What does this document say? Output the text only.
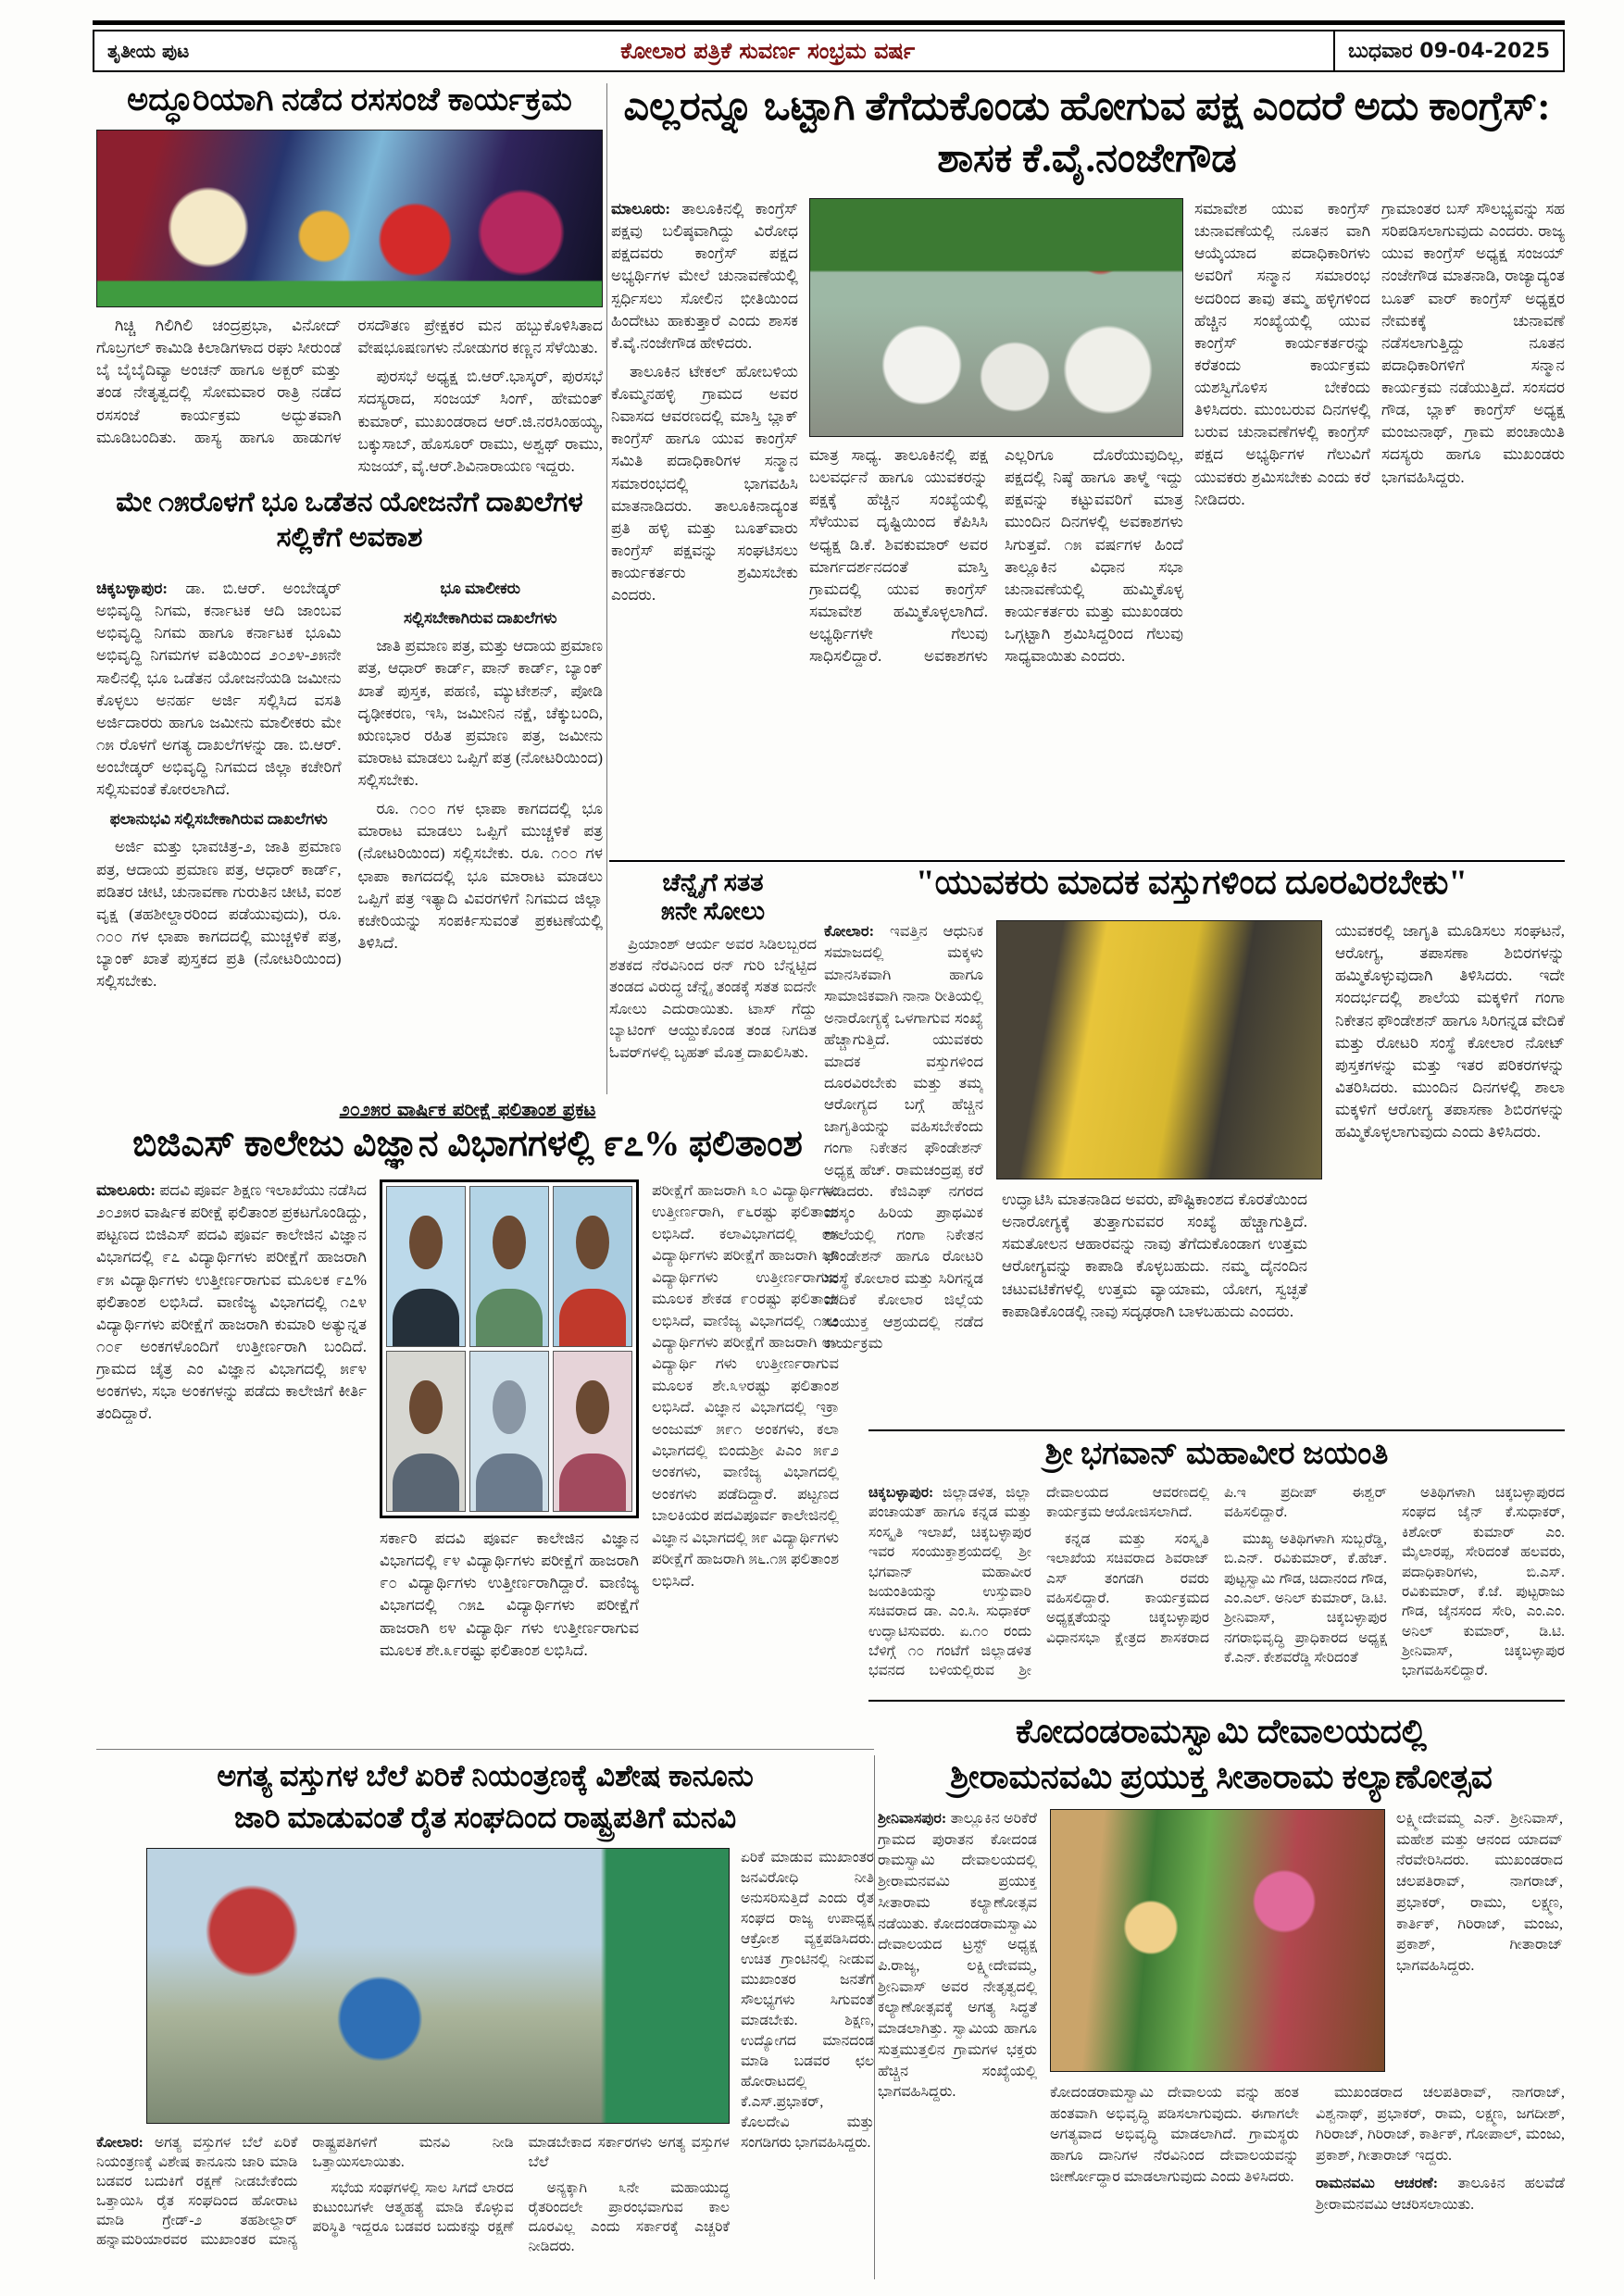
ತೃತೀಯ ಪುಟ	ಕೋಲಾರ ಪತ್ರಿಕೆ ಸುವರ್ಣ ಸಂಭ್ರಮ ವರ್ಷ	ಬುಧವಾರ 09-04-2025
ಅದ್ಧೂರಿಯಾಗಿ ನಡೆದ ರಸಸಂಜೆ ಕಾರ್ಯಕ್ರಮ

ಗಿಚ್ಚಿ ಗಿಲಿಗಿಲಿ ಚಂದ್ರಪ್ರಭಾ, ವಿನೋದ್ ಗೊಬ್ರಗಲ್ ಕಾಮಿಡಿ ಕಿಲಾಡಿಗಳಾದ ರಘು ಸೀರುಂಡೆ ಬೈ ಬೈಬೈದಿವ್ಯಾ ಅಂಚನ್ ಹಾಗೂ ಅಕ್ಬರ್ ಮತ್ತು ತಂಡ ನೇತೃತ್ವದಲ್ಲಿ ಸೋಮವಾರ ರಾತ್ರಿ ನಡೆದ ರಸಸಂಜೆ ಕಾರ್ಯಕ್ರಮ ಅದ್ಭುತವಾಗಿ ಮೂಡಿಬಂದಿತು. ಹಾಸ್ಯ ಹಾಗೂ ಹಾಡುಗಳ ರಸದೌತಣ ಪ್ರೇಕ್ಷಕರ ಮನ ಹಬ್ಬುಕೊಳಿಸಿತಾದ ವೇಷಭೂಷಣಗಳು ನೋಡುಗರ ಕಣ್ಣನ ಸೆಳೆಯಿತು.

ಪುರಸಭೆ ಅಧ್ಯಕ್ಷ ಬಿ.ಆರ್.ಭಾಸ್ಕರ್, ಪುರಸಭೆ ಸದಸ್ಯರಾದ, ಸಂಜಯ್ ಸಿಂಗ್, ಹೇಮಂತ್ ಕುಮಾರ್, ಮುಖಂಡರಾದ ಆರ್.ಜಿ.ನರಸಿಂಹಯ್ಯ, ಬಕ್ಕುಸಾಬ್, ಹೊಸೂರ್ ರಾಮು, ಅಶ್ವಥ್ ರಾಮು, ಸುಜಯ್, ವೈ.ಆರ್.ಶಿವಿನಾರಾಯಣ ಇದ್ದರು.

ಮೇ ೧೫ರೊಳಗೆ ಭೂ ಒಡೆತನ ಯೋಜನೆಗೆ ದಾಖಲೆಗಳ ಸಲ್ಲಿಕೆಗೆ ಅವಕಾಶ

ಚಿಕ್ಕಬಳ್ಳಾಪುರ: ಡಾ. ಬಿ.ಆರ್. ಅಂಬೇಡ್ಕರ್ ಅಭಿವೃದ್ಧಿ ನಿಗಮ, ಕರ್ನಾಟಕ ಆದಿ ಜಾಂಬವ ಅಭಿವೃದ್ಧಿ ನಿಗಮ ಹಾಗೂ ಕರ್ನಾಟಕ ಭೂಮಿ ಅಭಿವೃದ್ಧಿ ನಿಗಮಗಳ ವತಿಯಿಂದ ೨೦೨೪-೨೫ನೇ ಸಾಲಿನಲ್ಲಿ ಭೂ ಒಡೆತನ ಯೋಜನೆಯಡಿ ಜಮೀನು ಕೊಳ್ಳಲು ಅನರ್ಹ ಅರ್ಜಿ ಸಲ್ಲಿಸಿದ ವಸತಿ ಅರ್ಜಿದಾರರು ಹಾಗೂ ಜಮೀನು ಮಾಲೀಕರು ಮೇ ೧೫ ರೊಳಗೆ ಅಗತ್ಯ ದಾಖಲೆಗಳನ್ನು ಡಾ. ಬಿ.ಆರ್. ಅಂಬೇಡ್ಕರ್ ಅಭಿವೃದ್ಧಿ ನಿಗಮದ ಜಿಲ್ಲಾ ಕಚೇರಿಗೆ ಸಲ್ಲಿಸುವಂತೆ ಕೋರಲಾಗಿದೆ.

ಫಲಾನುಭವಿ ಸಲ್ಲಿಸಬೇಕಾಗಿರುವ ದಾಖಲೆಗಳು

ಅರ್ಜಿ ಮತ್ತು ಭಾವಚಿತ್ರ-೨, ಜಾತಿ ಪ್ರಮಾಣ ಪತ್ರ, ಆದಾಯ ಪ್ರಮಾಣ ಪತ್ರ, ಆಧಾರ್ ಕಾರ್ಡ್, ಪಡಿತರ ಚೀಟಿ, ಚುನಾವಣಾ ಗುರುತಿನ ಚೀಟಿ, ವಂಶ ವೃಕ್ಷ (ತಹಶೀಲ್ದಾರರಿಂದ ಪಡೆಯುವುದು), ರೂ. ೧೦೦ ಗಳ ಛಾಪಾ ಕಾಗದದಲ್ಲಿ ಮುಚ್ಚಳಿಕೆ ಪತ್ರ, ಬ್ಯಾಂಕ್ ಖಾತೆ ಪುಸ್ತಕದ ಪ್ರತಿ (ನೋಟರಿಯಿಂದ) ಸಲ್ಲಿಸಬೇಕು.

ಭೂ ಮಾಲೀಕರು

ಸಲ್ಲಿಸಬೇಕಾಗಿರುವ ದಾಖಲೆಗಳು

ಜಾತಿ ಪ್ರಮಾಣ ಪತ್ರ, ಮತ್ತು ಆದಾಯ ಪ್ರಮಾಣ ಪತ್ರ, ಆಧಾರ್ ಕಾರ್ಡ್, ಪಾನ್ ಕಾರ್ಡ್, ಬ್ಯಾಂಕ್ ಖಾತೆ ಪುಸ್ತಕ, ಪಹಣಿ, ಮ್ಯುಟೇಶನ್, ಪೋಡಿ ದೃಢೀಕರಣ, ಇಸಿ, ಜಮೀನಿನ ನಕ್ಷೆ, ಚೆಕ್ಕುಬಂದಿ, ಋಣಭಾರ ರಹಿತ ಪ್ರಮಾಣ ಪತ್ರ, ಜಮೀನು ಮಾರಾಟ ಮಾಡಲು ಒಪ್ಪಿಗೆ ಪತ್ರ (ನೋಟರಿಯಿಂದ) ಸಲ್ಲಿಸಬೇಕು.

ರೂ. ೧೦೦ ಗಳ ಛಾಪಾ ಕಾಗದದಲ್ಲಿ ಭೂ ಮಾರಾಟ ಮಾಡಲು ಒಪ್ಪಿಗೆ ಮುಚ್ಚಳಿಕೆ ಪತ್ರ (ನೋಟರಿಯಿಂದ) ಸಲ್ಲಿಸಬೇಕು. ರೂ. ೧೦೦ ಗಳ ಛಾಪಾ ಕಾಗದದಲ್ಲಿ ಭೂ ಮಾರಾಟ ಮಾಡಲು ಒಪ್ಪಿಗೆ ಪತ್ರ ಇತ್ಯಾದಿ ವಿವರಗಳಿಗೆ ನಿಗಮದ ಜಿಲ್ಲಾ ಕಚೇರಿಯನ್ನು ಸಂಪರ್ಕಿಸುವಂತೆ ಪ್ರಕಟಣೆಯಲ್ಲಿ ತಿಳಿಸಿದೆ.

ಎಲ್ಲರನ್ನೂ ಒಟ್ಟಾಗಿ ತೆಗೆದುಕೊಂಡು ಹೋಗುವ ಪಕ್ಷ ಎಂದರೆ ಅದು ಕಾಂಗ್ರೆಸ್: ಶಾಸಕ ಕೆ.ವೈ.ನಂಜೇಗೌಡ

ಮಾಲೂರು: ತಾಲೂಕಿನಲ್ಲಿ ಕಾಂಗ್ರೆಸ್ ಪಕ್ಷವು ಬಲಿಷ್ಠವಾಗಿದ್ದು ವಿರೋಧ ಪಕ್ಷದವರು ಕಾಂಗ್ರೆಸ್ ಪಕ್ಷದ ಅಭ್ಯರ್ಥಿಗಳ ಮೇಲೆ ಚುನಾವಣೆಯಲ್ಲಿ ಸ್ಪರ್ಧಿಸಲು ಸೋಲಿನ ಭೀತಿಯಿಂದ ಹಿಂದೇಟು ಹಾಕುತ್ತಾರೆ ಎಂದು ಶಾಸಕ ಕೆ.ವೈ.ನಂಜೇಗೌಡ ಹೇಳಿದರು.

ತಾಲೂಕಿನ ಟೇಕಲ್ ಹೋಬಳಿಯ ಕೊಮ್ಮನಹಳ್ಳಿ ಗ್ರಾಮದ ಅವರ ನಿವಾಸದ ಆವರಣದಲ್ಲಿ ಮಾಸ್ತಿ ಬ್ಲಾಕ್ ಕಾಂಗ್ರೆಸ್ ಹಾಗೂ ಯುವ ಕಾಂಗ್ರೆಸ್ ಸಮಿತಿ ಪದಾಧಿಕಾರಿಗಳ ಸನ್ಮಾನ ಸಮಾರಂಭದಲ್ಲಿ ಭಾಗವಹಿಸಿ ಮಾತನಾಡಿದರು. ತಾಲೂಕಿನಾದ್ಯಂತ ಪ್ರತಿ ಹಳ್ಳಿ ಮತ್ತು ಬೂತ್‌ವಾರು ಕಾಂಗ್ರೆಸ್ ಪಕ್ಷವನ್ನು ಸಂಘಟಿಸಲು ಕಾರ್ಯಕರ್ತರು ಶ್ರಮಿಸಬೇಕು ಎಂದರು.

ಮಾತ್ರ ಸಾಧ್ಯ. ತಾಲೂಕಿನಲ್ಲಿ ಪಕ್ಷ ಬಲವರ್ಧನೆ ಹಾಗೂ ಯುವಕರನ್ನು ಪಕ್ಷಕ್ಕೆ ಹೆಚ್ಚಿನ ಸಂಖ್ಯೆಯಲ್ಲಿ ಸೆಳೆಯುವ ದೃಷ್ಟಿಯಿಂದ ಕೆಪಿಸಿಸಿ ಅಧ್ಯಕ್ಷ ಡಿ.ಕೆ. ಶಿವಕುಮಾರ್ ಅವರ ಮಾರ್ಗದರ್ಶನದಂತೆ ಮಾಸ್ತಿ ಗ್ರಾಮದಲ್ಲಿ ಯುವ ಕಾಂಗ್ರೆಸ್ ಸಮಾವೇಶ ಹಮ್ಮಿಕೊಳ್ಳಲಾಗಿದೆ. ಅಭ್ಯರ್ಥಿಗಳೇ ಗೆಲುವು ಸಾಧಿಸಲಿದ್ದಾರೆ. ಅವಕಾಶಗಳು ಎಲ್ಲರಿಗೂ ದೊರೆಯುವುದಿಲ್ಲ, ಪಕ್ಷದಲ್ಲಿ ನಿಷ್ಠೆ ಹಾಗೂ ತಾಳ್ಮೆ ಇದ್ದು ಪಕ್ಷವನ್ನು ಕಟ್ಟುವವರಿಗೆ ಮಾತ್ರ ಮುಂದಿನ ದಿನಗಳಲ್ಲಿ ಅವಕಾಶಗಳು ಸಿಗುತ್ತವೆ. ೧೫ ವರ್ಷಗಳ ಹಿಂದೆ ತಾಲ್ಲೂಕಿನ ವಿಧಾನ ಸಭಾ ಚುನಾವಣೆಯಲ್ಲಿ ಹುಮ್ಮಿಕೊಳ್ಳ ಕಾರ್ಯಕರ್ತರು ಮತ್ತು ಮುಖಂಡರು ಒಗ್ಗಟ್ಟಾಗಿ ಶ್ರಮಿಸಿದ್ದರಿಂದ ಗೆಲುವು ಸಾಧ್ಯವಾಯಿತು ಎಂದರು.

ಸಮಾವೇಶ ಯುವ ಕಾಂಗ್ರೆಸ್ ಚುನಾವಣೆಯಲ್ಲಿ ನೂತನ ವಾಗಿ ಆಯ್ಕೆಯಾದ ಪದಾಧಿಕಾರಿಗಳು ಅವರಿಗೆ ಸನ್ಮಾನ ಸಮಾರಂಭ ಅದರಿಂದ ತಾವು ತಮ್ಮ ಹಳ್ಳಿಗಳಿಂದ ಹೆಚ್ಚಿನ ಸಂಖ್ಯೆಯಲ್ಲಿ ಯುವ ಕಾಂಗ್ರೆಸ್ ಕಾರ್ಯಕರ್ತರನ್ನು ಕರೆತಂದು ಕಾರ್ಯಕ್ರಮ ಯಶಸ್ವಿಗೊಳಿಸ ಬೇಕೆಂದು ತಿಳಿಸಿದರು. ಮುಂಬರುವ ದಿನಗಳಲ್ಲಿ ಬರುವ ಚುನಾವಣೆಗಳಲ್ಲಿ ಕಾಂಗ್ರೆಸ್ ಪಕ್ಷದ ಅಭ್ಯರ್ಥಿಗಳ ಗೆಲುವಿಗೆ ಯುವಕರು ಶ್ರಮಿಸಬೇಕು ಎಂದು ಕರೆ ನೀಡಿದರು.

ಗ್ರಾಮಾಂತರ ಬಸ್ ಸೌಲಭ್ಯವನ್ನು ಸಹ ಸರಿಪಡಿಸಲಾಗುವುದು ಎಂದರು. ರಾಜ್ಯ ಯುವ ಕಾಂಗ್ರೆಸ್ ಅಧ್ಯಕ್ಷ ಸಂಜಯ್ ನಂಜೇಗೌಡ ಮಾತನಾಡಿ, ರಾಜ್ಯಾದ್ಯಂತ ಬೂತ್ ವಾರ್ ಕಾಂಗ್ರೆಸ್ ಅಧ್ಯಕ್ಷರ ನೇಮಕಕ್ಕೆ ಚುನಾವಣೆ ನಡೆಸಲಾಗುತ್ತಿದ್ದು ನೂತನ ಪದಾಧಿಕಾರಿಗಳಿಗೆ ಸನ್ಮಾನ ಕಾರ್ಯಕ್ರಮ ನಡೆಯುತ್ತಿದೆ. ಸಂಸದರ ಗೌಡ, ಬ್ಲಾಕ್ ಕಾಂಗ್ರೆಸ್ ಅಧ್ಯಕ್ಷ ಮಂಜುನಾಥ್, ಗ್ರಾಮ ಪಂಚಾಯಿತಿ ಸದಸ್ಯರು ಹಾಗೂ ಮುಖಂಡರು ಭಾಗವಹಿಸಿದ್ದರು.

ಚೆನ್ನೈಗೆ ಸತತ
೫ನೇ ಸೋಲು

ಪ್ರಿಯಾಂಶ್ ಆರ್ಯ ಅವರ ಸಿಡಿಲಬ್ಬರದ ಶತಕದ ನೆರವಿನಿಂದ ರನ್ ಗುರಿ ಬೆನ್ನಟ್ಟಿದ ತಂಡದ ವಿರುದ್ಧ ಚೆನ್ನೈ ತಂಡಕ್ಕೆ ಸತತ ಐದನೇ ಸೋಲು ಎದುರಾಯಿತು. ಟಾಸ್ ಗೆದ್ದು ಬ್ಯಾಟಿಂಗ್ ಆಯ್ದುಕೊಂಡ ತಂಡ ನಿಗದಿತ ಓವರ್‌ಗಳಲ್ಲಿ ಬೃಹತ್ ಮೊತ್ತ ದಾಖಲಿಸಿತು.

"ಯುವಕರು ಮಾದಕ ವಸ್ತುಗಳಿಂದ ದೂರವಿರಬೇಕು"

ಕೋಲಾರ: ಇವತ್ತಿನ ಆಧುನಿಕ ಸಮಾಜದಲ್ಲಿ ಮಕ್ಕಳು ಮಾನಸಿಕವಾಗಿ ಹಾಗೂ ಸಾಮಾಜಿಕವಾಗಿ ನಾನಾ ರೀತಿಯಲ್ಲಿ ಅನಾರೋಗ್ಯಕ್ಕೆ ಒಳಗಾಗುವ ಸಂಖ್ಯೆ ಹೆಚ್ಚಾಗುತ್ತಿದೆ. ಯುವಕರು ಮಾದಕ ವಸ್ತುಗಳಿಂದ ದೂರವಿರಬೇಕು ಮತ್ತು ತಮ್ಮ ಆರೋಗ್ಯದ ಬಗ್ಗೆ ಹೆಚ್ಚಿನ ಜಾಗೃತಿಯನ್ನು ವಹಿಸಬೇಕೆಂದು ಗಂಗಾ ನಿಕೇತನ ಫೌಂಡೇಶನ್ ಅಧ್ಯಕ್ಷ ಹೆಚ್. ರಾಮಚಂದ್ರಪ್ಪ ಕರೆ ನೀಡಿದರು. ಕೆಜಿಎಫ್ ನಗರದ ಮಸ್ಕಂ ಹಿರಿಯ ಪ್ರಾಥಮಿಕ ಶಾಲೆಯಲ್ಲಿ ಗಂಗಾ ನಿಕೇತನ ಫೌಂಡೇಶನ್ ಹಾಗೂ ರೋಟರಿ ಸಂಸ್ಥೆ ಕೋಲಾರ ಮತ್ತು ಸಿರಿಗನ್ನಡ ವೇದಿಕೆ ಕೋಲಾರ ಜಿಲ್ಲೆಯ ಸಂಯುಕ್ತ ಆಶ್ರಯದಲ್ಲಿ ನಡೆದ ಕಾರ್ಯಕ್ರಮ

ಉದ್ಘಾಟಿಸಿ ಮಾತನಾಡಿದ ಅವರು, ಪೌಷ್ಟಿಕಾಂಶದ ಕೊರತೆಯಿಂದ ಅನಾರೋಗ್ಯಕ್ಕೆ ತುತ್ತಾಗುವವರ ಸಂಖ್ಯೆ ಹೆಚ್ಚಾಗುತ್ತಿದೆ. ಸಮತೋಲನ ಆಹಾರವನ್ನು ನಾವು ತೆಗೆದುಕೊಂಡಾಗ ಉತ್ತಮ ಆರೋಗ್ಯವನ್ನು ಕಾಪಾಡಿ ಕೊಳ್ಳಬಹುದು. ನಮ್ಮ ದೈನಂದಿನ ಚಟುವಟಿಕೆಗಳಲ್ಲಿ ಉತ್ತಮ ವ್ಯಾಯಾಮ, ಯೋಗ, ಸ್ವಚ್ಛತೆ ಕಾಪಾಡಿಕೊಂಡಲ್ಲಿ ನಾವು ಸದೃಢರಾಗಿ ಬಾಳಬಹುದು ಎಂದರು.

ಯುವಕರಲ್ಲಿ ಜಾಗೃತಿ ಮೂಡಿಸಲು ಸಂಘಟನೆ, ಆರೋಗ್ಯ, ತಪಾಸಣಾ ಶಿಬಿರಗಳನ್ನು ಹಮ್ಮಿಕೊಳ್ಳುವುದಾಗಿ ತಿಳಿಸಿದರು. ಇದೇ ಸಂದರ್ಭದಲ್ಲಿ ಶಾಲೆಯ ಮಕ್ಕಳಿಗೆ ಗಂಗಾ ನಿಕೇತನ ಫೌಂಡೇಶನ್ ಹಾಗೂ ಸಿರಿಗನ್ನಡ ವೇದಿಕೆ ಮತ್ತು ರೋಟರಿ ಸಂಸ್ಥೆ ಕೋಲಾರ ನೋಟ್ ಪುಸ್ತಕಗಳನ್ನು ಮತ್ತು ಇತರ ಪರಿಕರಗಳನ್ನು ವಿತರಿಸಿದರು. ಮುಂದಿನ ದಿನಗಳಲ್ಲಿ ಶಾಲಾ ಮಕ್ಕಳಿಗೆ ಆರೋಗ್ಯ ತಪಾಸಣಾ ಶಿಬಿರಗಳನ್ನು ಹಮ್ಮಿಕೊಳ್ಳಲಾಗುವುದು ಎಂದು ತಿಳಿಸಿದರು.

೨೦೨೫ರ ವಾರ್ಷಿಕ ಪರೀಕ್ಷೆ ಫಲಿತಾಂಶ ಪ್ರಕಟ
ಬಿಜಿಎಸ್ ಕಾಲೇಜು ವಿಜ್ಞಾನ ವಿಭಾಗಗಳಲ್ಲಿ ೯೭% ಫಲಿತಾಂಶ

ಮಾಲೂರು: ಪದವಿ ಪೂರ್ವ ಶಿಕ್ಷಣ ಇಲಾಖೆಯು ನಡೆಸಿದ ೨೦೨೫ರ ವಾರ್ಷಿಕ ಪರೀಕ್ಷೆ ಫಲಿತಾಂಶ ಪ್ರಕಟಗೊಂಡಿದ್ದು, ಪಟ್ಟಣದ ಬಿಜಿಎಸ್ ಪದವಿ ಪೂರ್ವ ಕಾಲೇಜಿನ ವಿಜ್ಞಾನ ವಿಭಾಗದಲ್ಲಿ ೯೭ ವಿದ್ಯಾರ್ಥಿಗಳು ಪರೀಕ್ಷೆಗೆ ಹಾಜರಾಗಿ ೯೫ ವಿದ್ಯಾರ್ಥಿಗಳು ಉತ್ತೀರ್ಣರಾಗುವ ಮೂಲಕ ೯೭% ಫಲಿತಾಂಶ ಲಭಿಸಿದೆ. ವಾಣಿಜ್ಯ ವಿಭಾಗದಲ್ಲಿ ೧೭೪ ವಿದ್ಯಾರ್ಥಿಗಳು ಪರೀಕ್ಷೆಗೆ ಹಾಜರಾಗಿ ಕುಮಾರಿ ಅತ್ಯುನ್ನತ ೧೦೯ ಅಂಕಗಳೊಂದಿಗೆ ಉತ್ತೀರ್ಣರಾಗಿ ಬಂದಿದೆ. ಗ್ರಾಮದ ಚೈತ್ರ ಎಂ ವಿಜ್ಞಾನ ವಿಭಾಗದಲ್ಲಿ ೫೯೪ ಅಂಕಗಳು, ಸಭಾ ಅಂಕಗಳನ್ನು ಪಡೆದು ಕಾಲೇಜಿಗೆ ಕೀರ್ತಿ ತಂದಿದ್ದಾರೆ.

ಸರ್ಕಾರಿ ಪದವಿ ಪೂರ್ವ ಕಾಲೇಜಿನ ವಿಜ್ಞಾನ ವಿಭಾಗದಲ್ಲಿ ೯೪ ವಿದ್ಯಾರ್ಥಿಗಳು ಪರೀಕ್ಷೆಗೆ ಹಾಜರಾಗಿ ೯೦ ವಿದ್ಯಾರ್ಥಿಗಳು ಉತ್ತೀರ್ಣರಾಗಿದ್ದಾರೆ. ವಾಣಿಜ್ಯ ವಿಭಾಗದಲ್ಲಿ ೧೫೭ ವಿದ್ಯಾರ್ಥಿಗಳು ಪರೀಕ್ಷೆಗೆ ಹಾಜರಾಗಿ ೮೪ ವಿದ್ಯಾರ್ಥಿ ಗಳು ಉತ್ತೀರ್ಣರಾಗುವ ಮೂಲಕ ಶೇ.೩೯ರಷ್ಟು ಫಲಿತಾಂಶ ಲಭಿಸಿದೆ.

ಪರೀಕ್ಷೆಗೆ ಹಾಜರಾಗಿ ೩೦ ವಿದ್ಯಾರ್ಥಿಗಳು ಉತ್ತೀರ್ಣರಾಗಿ, ೯೬ರಷ್ಟು ಫಲಿತಾಂಶ ಲಭಿಸಿದೆ. ಕಲಾವಿಭಾಗದಲ್ಲಿ ೯೫ ವಿದ್ಯಾರ್ಥಿಗಳು ಪರೀಕ್ಷೆಗೆ ಹಾಜರಾಗಿ ೩೫ ವಿದ್ಯಾರ್ಥಿಗಳು ಉತ್ತೀರ್ಣರಾಗುವ ಮೂಲಕ ಶೇಕಡ ೯೦ರಷ್ಟು ಫಲಿತಾಂಶ ಲಭಿಸಿದೆ, ವಾಣಿಜ್ಯ ವಿಭಾಗದಲ್ಲಿ ೧೫೨ ವಿದ್ಯಾರ್ಥಿಗಳು ಪರೀಕ್ಷೆಗೆ ಹಾಜರಾಗಿ ೮೪ ವಿದ್ಯಾರ್ಥಿ ಗಳು ಉತ್ತೀರ್ಣರಾಗುವ ಮೂಲಕ ಶೇ.೩೪ರಷ್ಟು ಫಲಿತಾಂಶ ಲಭಿಸಿದೆ. ವಿಜ್ಞಾನ ವಿಭಾಗದಲ್ಲಿ ಇಕ್ರಾ ಅಂಜುಮ್ ೫೯೧ ಅಂಕಗಳು, ಕಲಾ ವಿಭಾಗದಲ್ಲಿ ಬಿಂದುಶ್ರೀ ಪಿಎಂ ೫೯೨ ಅಂಕಗಳು, ವಾಣಿಜ್ಯ ವಿಭಾಗದಲ್ಲಿ ಅಂಕಗಳು ಪಡೆದಿದ್ದಾರೆ. ಪಟ್ಟಣದ ಬಾಲಕಿಯರ ಪದವಿಪೂರ್ವ ಕಾಲೇಜಿನಲ್ಲಿ ವಿಜ್ಞಾನ ವಿಭಾಗದಲ್ಲಿ ೫೯ ವಿದ್ಯಾರ್ಥಿಗಳು ಪರೀಕ್ಷೆಗೆ ಹಾಜರಾಗಿ ೫೬.೧೫ ಫಲಿತಾಂಶ ಲಭಿಸಿದೆ.

ಶ್ರೀ ಭಗವಾನ್ ಮಹಾವೀರ ಜಯಂತಿ

ಚಿಕ್ಕಬಳ್ಳಾಪುರ: ಜಿಲ್ಲಾಡಳಿತ, ಜಿಲ್ಲಾ ಪಂಚಾಯತ್ ಹಾಗೂ ಕನ್ನಡ ಮತ್ತು ಸಂಸ್ಕೃತಿ ಇಲಾಖೆ, ಚಿಕ್ಕಬಳ್ಳಾಪುರ ಇವರ ಸಂಯುಕ್ತಾಶ್ರಯದಲ್ಲಿ ಶ್ರೀ ಭಗವಾನ್ ಮಹಾವೀರ ಜಯಂತಿಯನ್ನು ಉಸ್ತುವಾರಿ ಸಚಿವರಾದ ಡಾ. ಎಂ.ಸಿ. ಸುಧಾಕರ್ ಉದ್ಘಾಟಿಸುವರು. ಏ.೧೦ ರಂದು ಬೆಳಿಗ್ಗೆ ೧೦ ಗಂಟೆಗೆ ಜಿಲ್ಲಾಡಳಿತ ಭವನದ ಬಳಿಯಲ್ಲಿರುವ ಶ್ರೀ ದೇವಾಲಯದ ಆವರಣದಲ್ಲಿ ಕಾರ್ಯಕ್ರಮ ಆಯೋಜಿಸಲಾಗಿದೆ.

ಕನ್ನಡ ಮತ್ತು ಸಂಸ್ಕೃತಿ ಇಲಾಖೆಯ ಸಚಿವರಾದ ಶಿವರಾಜ್ ಎಸ್ ತಂಗಡಗಿ ರವರು ವಹಿಸಲಿದ್ದಾರೆ. ಕಾರ್ಯಕ್ರಮದ ಅಧ್ಯಕ್ಷತೆಯನ್ನು ಚಿಕ್ಕಬಳ್ಳಾಪುರ ವಿಧಾನಸಭಾ ಕ್ಷೇತ್ರದ ಶಾಸಕರಾದ ಪಿ.ಇ ಪ್ರದೀಪ್ ಈಶ್ವರ್ ವಹಿಸಲಿದ್ದಾರೆ.

ಮುಖ್ಯ ಅತಿಥಿಗಳಾಗಿ ಸುಬ್ಬರೆಡ್ಡಿ, ಬಿ.ಎನ್. ರವಿಕುಮಾರ್, ಕೆ.ಹೆಚ್. ಪುಟ್ಟಸ್ವಾಮಿ ಗೌಡ, ಚಿದಾನಂದ ಗೌಡ, ಎಂ.ಎಲ್. ಅನಿಲ್ ಕುಮಾರ್, ಡಿ.ಟಿ. ಶ್ರೀನಿವಾಸ್, ಚಿಕ್ಕಬಳ್ಳಾಪುರ ನಗರಾಭಿವೃದ್ಧಿ ಪ್ರಾಧಿಕಾರದ ಅಧ್ಯಕ್ಷ ಕೆ.ಎನ್. ಕೇಶವರೆಡ್ಡಿ ಸೇರಿದಂತೆ

ಅತಿಥಿಗಳಾಗಿ ಚಿಕ್ಕಬಳ್ಳಾಪುರದ ಸಂಘದ ಜೈನ್ ಕೆ.ಸುಧಾಕರ್, ಕಿಶೋರ್ ಕುಮಾರ್ ಎಂ. ಮೈಲಾರಪ್ಪ, ಸೇರಿದಂತೆ ಹಲವರು, ಪದಾಧಿಕಾರಿಗಳು, ಬಿ.ಎಸ್. ರವಿಕುಮಾರ್, ಕೆ.ಜೆ. ಪುಟ್ಟರಾಜು ಗೌಡ, ಜೈನಸಂದ ಸೇರಿ, ಎಂ.ಎಂ. ಅನಿಲ್ ಕುಮಾರ್, ಡಿ.ಟಿ. ಶ್ರೀನಿವಾಸ್, ಚಿಕ್ಕಬಳ್ಳಾಪುರ ಭಾಗವಹಿಸಲಿದ್ದಾರೆ.

ಕೋದಂಡರಾಮಸ್ವಾಮಿ ದೇವಾಲಯದಲ್ಲಿ
ಶ್ರೀರಾಮನವಮಿ ಪ್ರಯುಕ್ತ ಸೀತಾರಾಮ ಕಲ್ಯಾಣೋತ್ಸವ

ಶ್ರೀನಿವಾಸಪುರ: ತಾಲ್ಲೂಕಿನ ಅರಿಕೆರೆ ಗ್ರಾಮದ ಪುರಾತನ ಕೋದಂಡ ರಾಮಸ್ವಾಮಿ ದೇವಾಲಯದಲ್ಲಿ ಶ್ರೀರಾಮನವಮಿ ಪ್ರಯುಕ್ತ ಸೀತಾರಾಮ ಕಲ್ಯಾಣೋತ್ಸವ ನಡೆಯಿತು. ಕೋದಂಡರಾಮಸ್ವಾಮಿ ದೇವಾಲಯದ ಟ್ರಸ್ಟ್ ಅಧ್ಯಕ್ಷ ಪಿ.ರಾಜ್ಯ, ಲಕ್ಷ್ಮೀದೇವಮ್ಮ, ಶ್ರೀನಿವಾಸ್ ಅವರ ನೇತೃತ್ವದಲ್ಲಿ ಕಲ್ಯಾಣೋತ್ಸವಕ್ಕೆ ಅಗತ್ಯ ಸಿದ್ಧತೆ ಮಾಡಲಾಗಿತ್ತು. ಸ್ವಾಮಿಯ ಹಾಗೂ ಸುತ್ತಮುತ್ತಲಿನ ಗ್ರಾಮಗಳ ಭಕ್ತರು ಹೆಚ್ಚಿನ ಸಂಖ್ಯೆಯಲ್ಲಿ ಭಾಗವಹಿಸಿದ್ದರು.

ಲಕ್ಷ್ಮೀದೇವಮ್ಮ ಎನ್. ಶ್ರೀನಿವಾಸ್, ಮಹೇಶ ಮತ್ತು ಆನಂದ ಯಾದವ್ ನೆರವೇರಿಸಿದರು. ಮುಖಂಡರಾದ ಚಲಪತಿರಾವ್, ನಾಗರಾಜ್, ಪ್ರಭಾಕರ್, ರಾಮು, ಲಕ್ಷ್ಮಣ, ಕಾರ್ತಿಕ್, ಗಿರಿರಾಜ್, ಮಂಜು, ಪ್ರಕಾಶ್, ಗೀತಾರಾಜ್ ಭಾಗವಹಿಸಿದ್ದರು.

ಕೋದಂಡರಾಮಸ್ವಾಮಿ ದೇವಾಲಯ ವನ್ನು ಹಂತ ಹಂತವಾಗಿ ಅಭಿವೃದ್ಧಿ ಪಡಿಸಲಾಗುವುದು. ಈಗಾಗಲೇ ಅಗತ್ಯವಾದ ಅಭಿವೃದ್ಧಿ ಮಾಡಲಾಗಿದೆ. ಗ್ರಾಮಸ್ಥರು ಹಾಗೂ ದಾನಿಗಳ ನೆರವಿನಿಂದ ದೇವಾಲಯವನ್ನು ಜೀರ್ಣೋದ್ಧಾರ ಮಾಡಲಾಗುವುದು ಎಂದು ತಿಳಿಸಿದರು.

ಮುಖಂಡರಾದ ಚಲಪತಿರಾವ್, ನಾಗರಾಜ್, ವಿಶ್ವನಾಥ್, ಪ್ರಭಾಕರ್, ರಾಮ, ಲಕ್ಷ್ಮಣ, ಜಗದೀಶ್, ಗಿರಿರಾಜ್, ಗಿರಿರಾಜ್, ಕಾರ್ತಿಕ್, ಗೋಪಾಲ್, ಮಂಜು, ಪ್ರಕಾಶ್, ಗೀತಾರಾಜ್ ಇದ್ದರು.

ರಾಮನವಮಿ ಆಚರಣೆ: ತಾಲೂಕಿನ ಹಲವೆಡೆ ಶ್ರೀರಾಮನವಮಿ ಆಚರಿಸಲಾಯಿತು.

ಅಗತ್ಯ ವಸ್ತುಗಳ ಬೆಲೆ ಏರಿಕೆ ನಿಯಂತ್ರಣಕ್ಕೆ ವಿಶೇಷ ಕಾನೂನು
ಜಾರಿ ಮಾಡುವಂತೆ ರೈತ ಸಂಘದಿಂದ ರಾಷ್ಟ್ರಪತಿಗೆ ಮನವಿ

ಕೋಲಾರ: ಅಗತ್ಯ ವಸ್ತುಗಳ ಬೆಲೆ ಏರಿಕೆ ನಿಯಂತ್ರಣಕ್ಕೆ ವಿಶೇಷ ಕಾನೂನು ಜಾರಿ ಮಾಡಿ ಬಡವರ ಬದುಕಿಗೆ ರಕ್ಷಣೆ ನೀಡಬೇಕೆಂದು ಒತ್ತಾಯಿಸಿ ರೈತ ಸಂಘದಿಂದ ಹೋರಾಟ ಮಾಡಿ ಗ್ರೇಡ್-೨ ತಹಶೀಲ್ದಾರ್ ಹನ್ನಾಮರಿಯಾರವರ ಮುಖಾಂತರ ಮಾನ್ಯ ರಾಷ್ಟ್ರಪತಿಗಳಿಗೆ ಮನವಿ ನೀಡಿ ಒತ್ತಾಯಿಸಲಾಯಿತು.

ಸಭೆಯ ಸಂಘಗಳಲ್ಲಿ ಸಾಲ ಸಿಗದೆ ಲಾರದ ಕುಟುಂಬಗಳೇ ಆತ್ಮಹತ್ಯೆ ಮಾಡಿ ಕೊಳ್ಳುವ ಪರಿಸ್ಥಿತಿ ಇದ್ದರೂ ಬಡವರ ಬದುಕನ್ನು ರಕ್ಷಣೆ ಮಾಡಬೇಕಾದ ಸರ್ಕಾರಗಳು ಅಗತ್ಯ ವಸ್ತುಗಳ ಬೆಲೆ

ಅನ್ಯಕ್ಕಾಗಿ ೩ನೇ ಮಹಾಯುದ್ಧ ರೈತರಿಂದಲೇ ಪ್ರಾರಂಭವಾಗುವ ಕಾಲ ದೂರವಿಲ್ಲ ಎಂದು ಸರ್ಕಾರಕ್ಕೆ ಎಚ್ಚರಿಕೆ ನೀಡಿದರು.

ಏರಿಕೆ ಮಾಡುವ ಮುಖಾಂತರ ಜನವಿರೋಧಿ ನೀತಿ ಅನುಸರಿಸುತ್ತಿದೆ ಎಂದು ರೈತ ಸಂಘದ ರಾಜ್ಯ ಉಪಾಧ್ಯಕ್ಷ ಆಕ್ರೋಶ ವ್ಯಕ್ತಪಡಿಸಿದರು. ಉಚಿತ ಗ್ರಾಂಟಿನಲ್ಲಿ ನೀಡುವ ಮುಖಾಂತರ ಜನತೆಗೆ ಸೌಲಭ್ಯಗಳು ಸಿಗುವಂತೆ ಮಾಡಬೇಕು. ಶಿಕ್ಷಣ, ಉದ್ಯೋಗದ ಮಾನದಂಡ ಮಾಡಿ ಬಡವರ ಛಲ ಹೋರಾಟದಲ್ಲಿ ಕೆ.ಎಸ್.ಪ್ರಭಾಕರ್, ಕೊಲದೇವಿ ಮತ್ತು ಸಂಗಡಿಗರು ಭಾಗವಹಿಸಿದ್ದರು.
